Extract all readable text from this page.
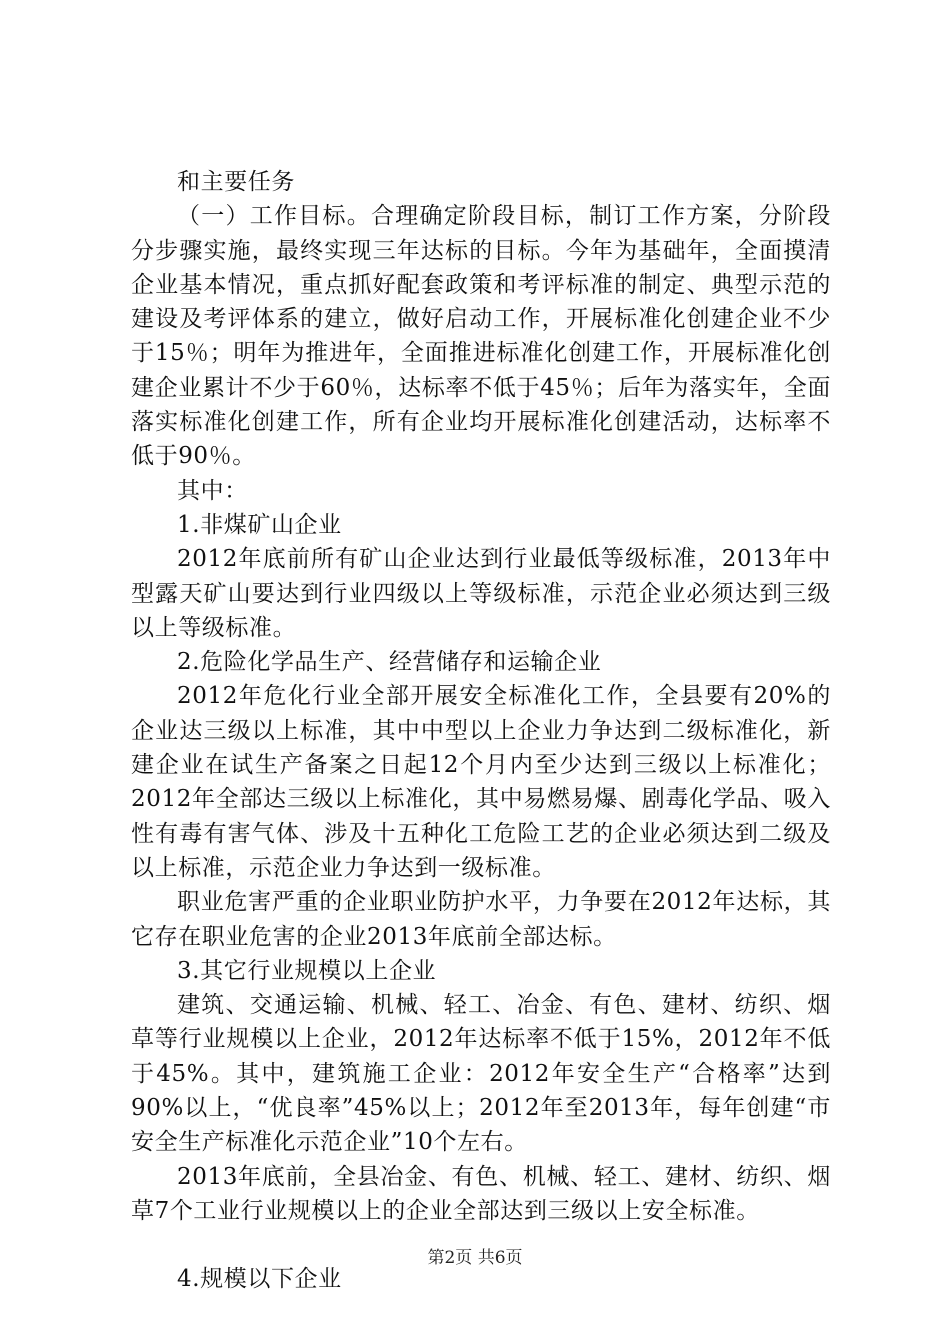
和主要任务

（一）工作目标。合理确定阶段目标，制订工作方案，分阶段分步骤实施，最终实现三年达标的目标。今年为基础年，全面摸清企业基本情况，重点抓好配套政策和考评标准的制定、典型示范的建设及考评体系的建立，做好启动工作，开展标准化创建企业不少于15％；明年为推进年，全面推进标准化创建工作，开展标准化创建企业累计不少于60％，达标率不低于45％；后年为落实年，全面落实标准化创建工作，所有企业均开展标准化创建活动，达标率不低于90％。

其中：

1.非煤矿山企业

2012年底前所有矿山企业达到行业最低等级标准，2013年中型露天矿山要达到行业四级以上等级标准，示范企业必须达到三级以上等级标准。

2.危险化学品生产、经营储存和运输企业

2012年危化行业全部开展安全标准化工作，全县要有20%的企业达三级以上标准，其中中型以上企业力争达到二级标准化，新建企业在试生产备案之日起12个月内至少达到三级以上标准化；2012年全部达三级以上标准化，其中易燃易爆、剧毒化学品、吸入性有毒有害气体、涉及十五种化工危险工艺的企业必须达到二级及以上标准，示范企业力争达到一级标准。

职业危害严重的企业职业防护水平，力争要在2012年达标，其它存在职业危害的企业2013年底前全部达标。

3.其它行业规模以上企业

建筑、交通运输、机械、轻工、冶金、有色、建材、纺织、烟草等行业规模以上企业，2012年达标率不低于15%，2012年不低于45%。其中，建筑施工企业：2012年安全生产“合格率”达到90%以上，“优良率”45%以上；2012年至2013年，每年创建“市安全生产标准化示范企业”10个左右。

2013年底前，全县冶金、有色、机械、轻工、建材、纺织、烟草7个工业行业规模以上的企业全部达到三级以上安全标准。

4.规模以下企业

第2页 共6页
